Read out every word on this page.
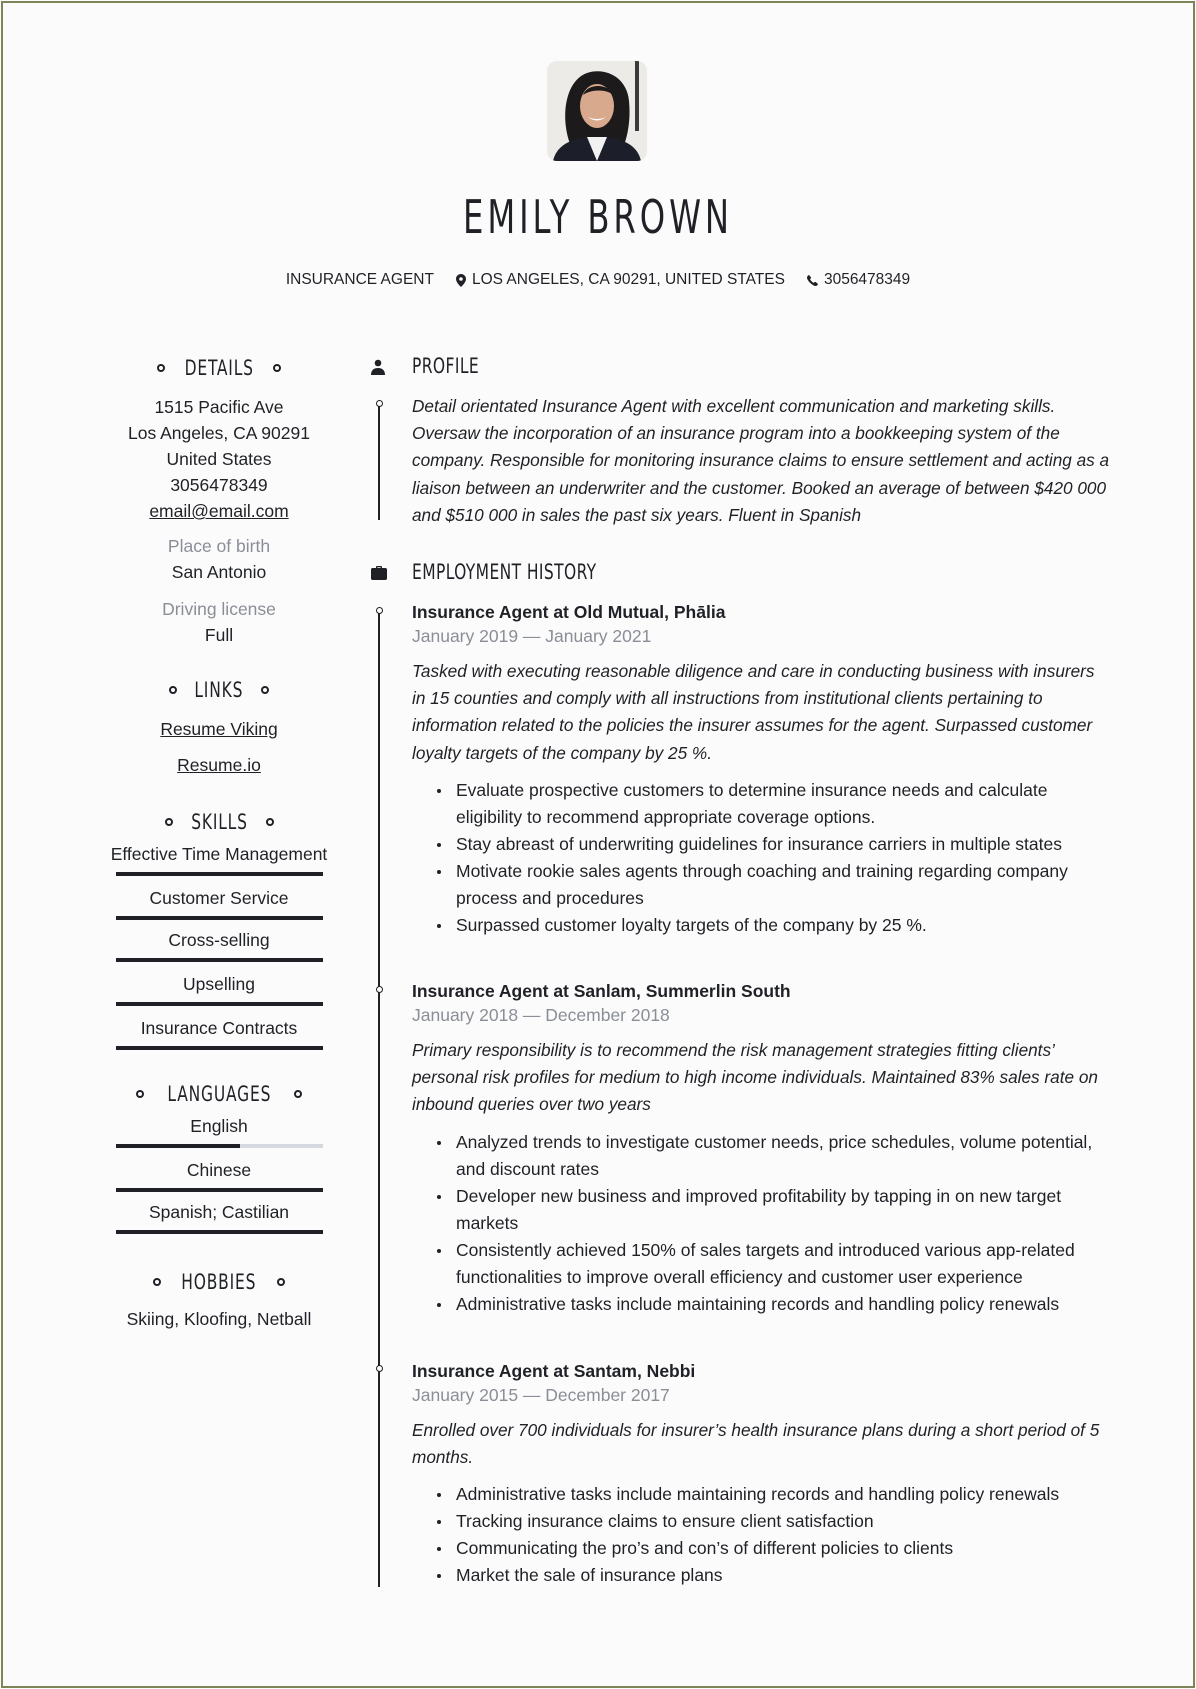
EMILY BROWN
INSURANCE AGENT LOS ANGELES, CA 90291, UNITED STATES	3056478349
DETAILS
1515 Pacific Ave
Los Angeles, CA 90291
United States
3056478349
email@email.com
Place of birth
San Antonio
Driving license
Full
LINKS
Resume Viking
Resume.io
SKILLS
Effective Time Management
Customer Service
Cross-selling
Upselling
Insurance Contracts
LANGUAGES
English
Chinese
Spanish; Castilian
HOBBIES
Skiing, Kloofing, Netball
PROFILE

Detail orientated Insurance Agent with excellent communication and marketing skills. Oversaw the incorporation of an insurance program into a bookkeeping system of the company. Responsible for monitoring insurance claims to ensure settlement and acting as a liaison between an underwriter and the customer. Booked an average of between $420 000 and $510 000 in sales the past six years. Fluent in Spanish

EMPLOYMENT HISTORY
Insurance Agent at Old Mutual, Phālia
January 2019 — January 2021

Tasked with executing reasonable diligence and care in conducting business with insurers in 15 counties and comply with all instructions from institutional clients pertaining to information related to the policies the insurer assumes for the agent. Surpassed customer loyalty targets of the company by 25 %.

Evaluate prospective customers to determine insurance needs and calculate eligibility to recommend appropriate coverage options.
Stay abreast of underwriting guidelines for insurance carriers in multiple states
Motivate rookie sales agents through coaching and training regarding company process and procedures
Surpassed customer loyalty targets of the company by 25 %.
Insurance Agent at Sanlam, Summerlin South
January 2018 — December 2018

Primary responsibility is to recommend the risk management strategies fitting clients’ personal risk profiles for medium to high income individuals. Maintained 83% sales rate on inbound queries over two years

Analyzed trends to investigate customer needs, price schedules, volume potential, and discount rates
Developer new business and improved profitability by tapping in on new target markets
Consistently achieved 150% of sales targets and introduced various app-related functionalities to improve overall efficiency and customer user experience
Administrative tasks include maintaining records and handling policy renewals
Insurance Agent at Santam, Nebbi
January 2015 — December 2017

Enrolled over 700 individuals for insurer’s health insurance plans during a short period of 5 months.

Administrative tasks include maintaining records and handling policy renewals
Tracking insurance claims to ensure client satisfaction
Communicating the pro’s and con’s of different policies to clients
Market the sale of insurance plans
